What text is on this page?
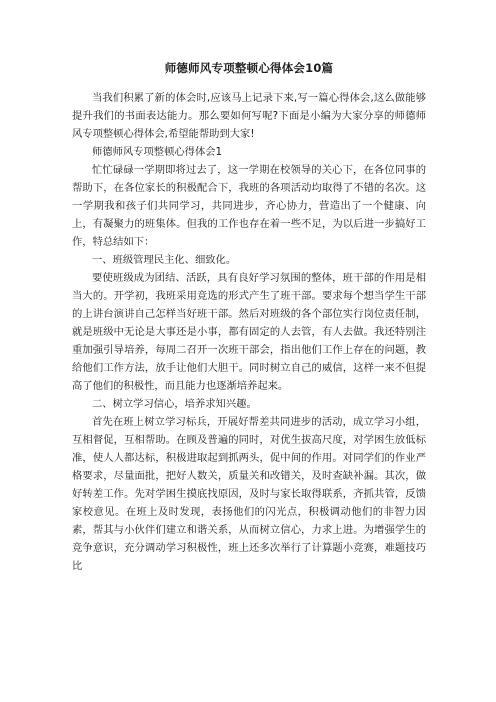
师德师风专项整顿心得体会10篇

当我们积累了新的体会时,应该马上记录下来,写一篇心得体会,这么做能够提升我们的书面表达能力。那么要如何写呢?下面是小编为大家分享的师德师风专项整顿心得体会,希望能帮助到大家!

师德师风专项整顿心得体会1

忙忙碌碌一学期即将过去了，这一学期在校领导的关心下，在各位同事的帮助下，在各位家长的积极配合下，我班的各项活动均取得了不错的名次。这一学期我和孩子们共同学习，共同进步，齐心协力，营造出了一个健康、向上，有凝聚力的班集体。但我的工作也存在着一些不足，为以后进一步搞好工作，特总结如下：

一、班级管理民主化、细致化。

要使班级成为团结、活跃，具有良好学习氛围的整体，班干部的作用是相当大的。开学初，我班采用竞选的形式产生了班干部。要求每个想当学生干部的上讲台演讲自己怎样当好班干部。然后对班级的各个部位实行岗位责任制，就是班级中无论是大事还是小事，都有固定的人去管，有人去做。我还特别注重加强引导培养，每周二召开一次班干部会，指出他们工作上存在的问题，教给他们工作方法，放手让他们大胆干。同时树立自己的威信，这样一来不但提高了他们的积极性，而且能力也逐渐培养起来。

二、树立学习信心，培养求知兴趣。

首先在班上树立学习标兵，开展好帮差共同进步的活动，成立学习小组，互相督促，互相帮助。在顾及普遍的同时，对优生拔高尺度，对学困生放低标准，使人人都达标，积极进取起到抓两头，促中间的作用。对同学们的作业严格要求，尽量面批，把好人数关，质量关和改错关，及时查缺补漏。其次，做好转差工作。先对学困生摸底找原因，及时与家长取得联系，齐抓共管，反馈家校意见。在班上及时发现，表扬他们的闪光点，积极调动他们的非智力因素，帮其与小伙伴们建立和谐关系，从而树立信心，力求上进。为增强学生的竞争意识，充分调动学习积极性，班上还多次举行了计算题小竞赛，难题技巧比
